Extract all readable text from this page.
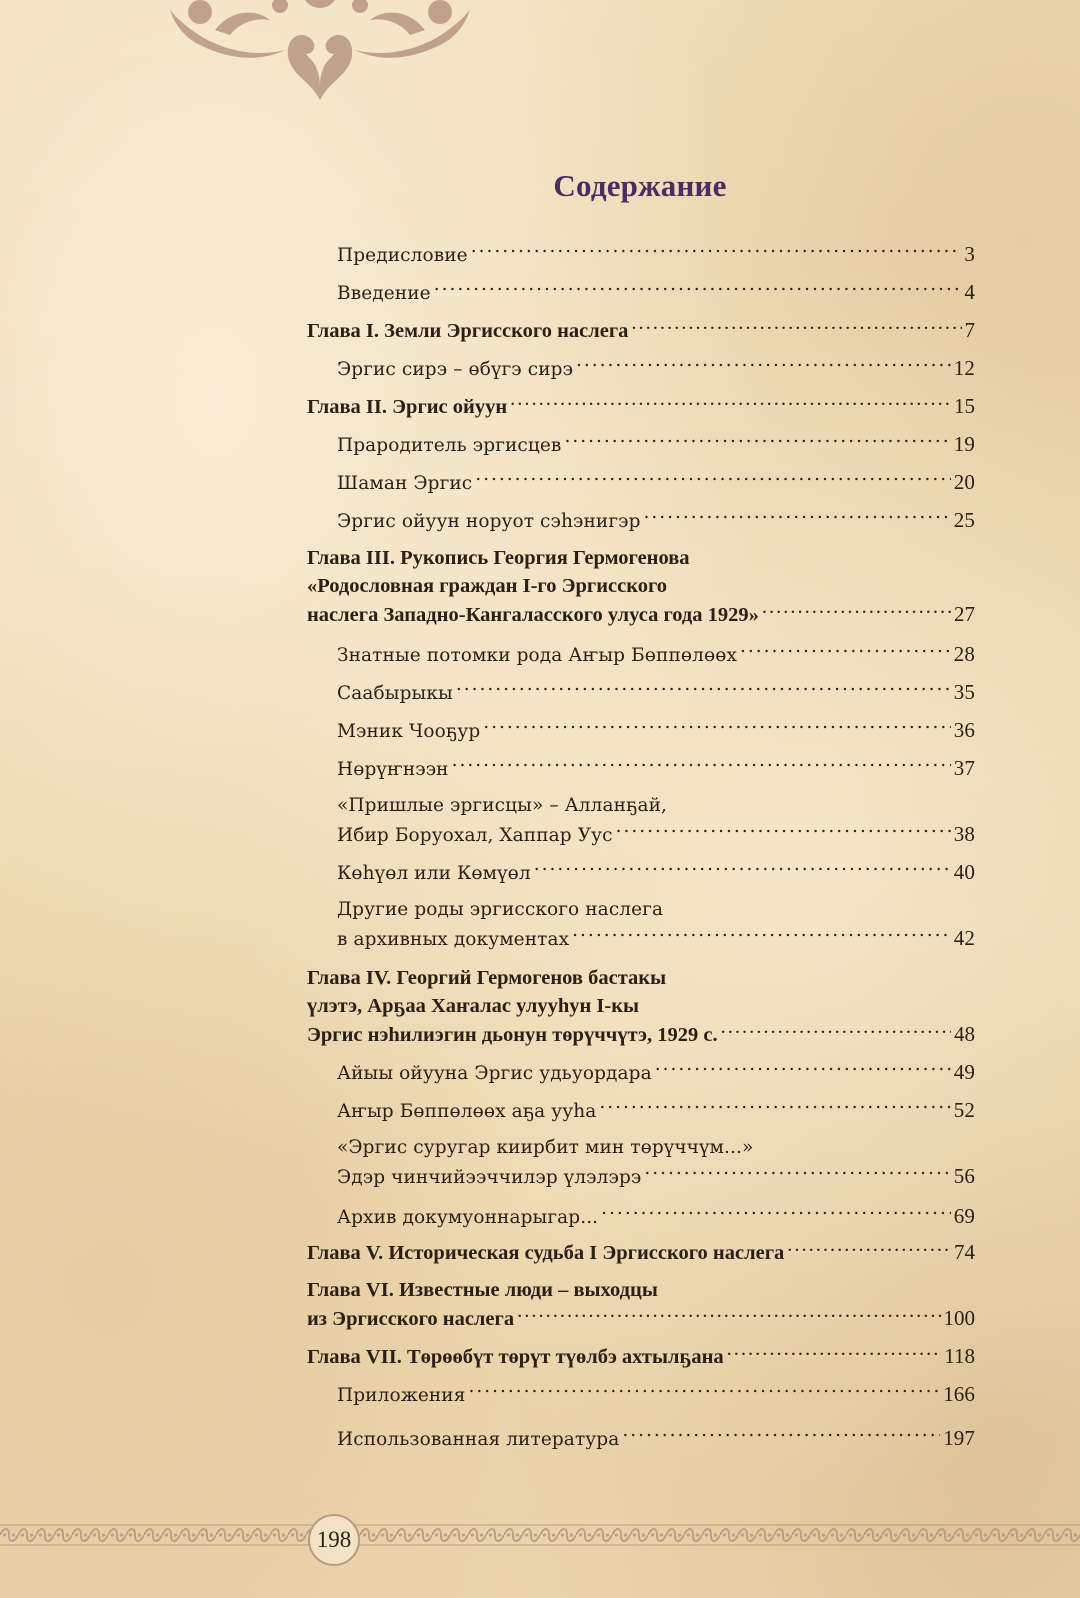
Содержание
Предисловие .....	3
Введение .....	4
Глава I. Земли Эргисского наслега .....	7
Эргис сирэ – өбүгэ сирэ .....	12
Глава II. Эргис ойуун .....	15
Прародитель эргисцев .....	19
Шаман Эргис .....	20
Эргис ойуун норуот сэһэнигэр .....	25
Глава III. Рукопись Георгия Гермогенова
«Родословная граждан I-го Эргисского
наслега Западно-Кангаласского улуса года 1929» .....	27
Знатные потомки рода Аҥыр Бөппөлөөх .....	28
Саабырыкы .....	35
Мэник Чооҕур .....	36
Нөрүҥнээн .....	37
«Пришлые эргисцы» – Алланҕай,
Ибир Боруохал, Хаппар Уус .....	38
Көһүөл или Көмүөл .....	40
Другие роды эргисского наслега
в архивных документах .....	42
Глава IV. Георгий Гермогенов бастакы
үлэтэ, Арҕаа Хаҥалас улууһун I-кы
Эргис нэһилиэгин дьонун төрүччүтэ, 1929 с. .....	48
Айыы ойууна Эргис удьуордара .....	49
Аҥыр Бөппөлөөх аҕа ууһа .....	52
«Эргис суругар киирбит мин төрүччүм...»
Эдэр чинчийээччилэр үлэлэрэ .....	56
Архив докумуоннарыгар... .....	69
Глава V. Историческая судьба I Эргисского наслега .....	74
Глава VI. Известные люди – выходцы
из Эргисского наслега .....	100
Глава VII. Төрөөбүт төрүт түөлбэ ахтылҕана .....	118
Приложения .....	166
Использованная литература .....	197
198
